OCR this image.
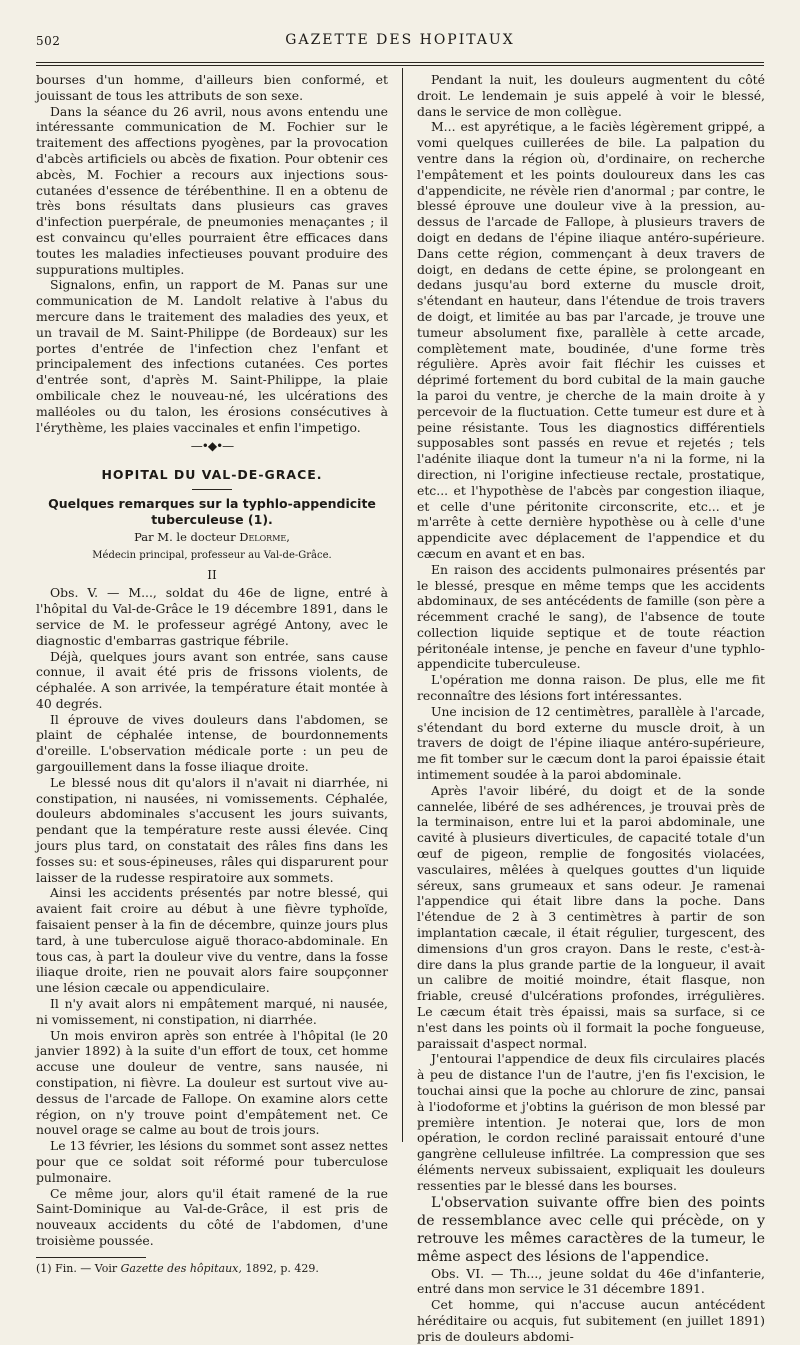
502	GAZETTE DES HOPITAUX

bourses d'un homme, d'ailleurs bien conformé, et jouissant de tous les attributs de son sexe.

Dans la séance du 26 avril, nous avons entendu une intéressante communication de M. Fochier sur le traitement des affections pyogènes, par la provocation d'abcès artificiels ou abcès de fixation. Pour obtenir ces abcès, M. Fochier a recours aux injections sous-cutanées d'essence de térébenthine. Il en a obtenu de très bons résultats dans plusieurs cas graves d'infection puerpérale, de pneumonies menaçantes ; il est convaincu qu'elles pourraient être efficaces dans toutes les maladies infectieuses pouvant produire des suppurations multiples.

Signalons, enfin, un rapport de M. Panas sur une communication de M. Landolt relative à l'abus du mercure dans le traitement des maladies des yeux, et un travail de M. Saint-Philippe (de Bordeaux) sur les portes d'entrée de l'infection chez l'enfant et principalement des infections cutanées. Ces portes d'entrée sont, d'après M. Saint-Philippe, la plaie ombilicale chez le nouveau-né, les ulcérations des malléoles ou du talon, les érosions consécutives à l'érythème, les plaies vaccinales et enfin l'impetigo.

—•◆•—
HOPITAL DU VAL-DE-GRACE.
Quelques remarques sur la typhlo-appendicite
tuberculeuse (1).
Par M. le docteur Delorme,
Médecin principal, professeur au Val-de-Grâce.
II

Obs. V. — M..., soldat du 46e de ligne, entré à l'hôpital du Val-de-Grâce le 19 décembre 1891, dans le service de M. le professeur agrégé Antony, avec le diagnostic d'embarras gastrique fébrile.

Déjà, quelques jours avant son entrée, sans cause connue, il avait été pris de frissons violents, de céphalée. A son arrivée, la température était montée à 40 degrés.

Il éprouve de vives douleurs dans l'abdomen, se plaint de céphalée intense, de bourdonnements d'oreille. L'observation médicale porte : un peu de gargouillement dans la fosse iliaque droite.

Le blessé nous dit qu'alors il n'avait ni diarrhée, ni constipation, ni nausées, ni vomissements. Céphalée, douleurs abdominales s'accusent les jours suivants, pendant que la température reste aussi élevée. Cinq jours plus tard, on constatait des râles fins dans les fosses su: et sous-épineuses, râles qui disparurent pour laisser de la rudesse respiratoire aux sommets.

Ainsi les accidents présentés par notre blessé, qui avaient fait croire au début à une fièvre typhoïde, faisaient penser à la fin de décembre, quinze jours plus tard, à une tuberculose aiguë thoraco-abdominale. En tous cas, à part la douleur vive du ventre, dans la fosse iliaque droite, rien ne pouvait alors faire soupçonner une lésion cæcale ou appendiculaire.

Il n'y avait alors ni empâtement marqué, ni nausée, ni vomissement, ni constipation, ni diarrhée.

Un mois environ après son entrée à l'hôpital (le 20 janvier 1892) à la suite d'un effort de toux, cet homme accuse une douleur de ventre, sans nausée, ni constipation, ni fièvre. La douleur est surtout vive au-dessus de l'arcade de Fallope. On examine alors cette région, on n'y trouve point d'empâtement net. Ce nouvel orage se calme au bout de trois jours.

Le 13 février, les lésions du sommet sont assez nettes pour que ce soldat soit réformé pour tuberculose pulmonaire.

Ce même jour, alors qu'il était ramené de la rue Saint-Dominique au Val-de-Grâce, il est pris de nouveaux accidents du côté de l'abdomen, d'une troisième poussée.

(1) Fin. — Voir Gazette des hôpitaux, 1892, p. 429.

Pendant la nuit, les douleurs augmentent du côté droit. Le lendemain je suis appelé à voir le blessé, dans le service de mon collègue.

M... est apyrétique, a le faciès légèrement grippé, a vomi quelques cuillerées de bile. La palpation du ventre dans la région où, d'ordinaire, on recherche l'empâtement et les points douloureux dans les cas d'appendicite, ne révèle rien d'anormal ; par contre, le blessé éprouve une douleur vive à la pression, au-dessus de l'arcade de Fallope, à plusieurs travers de doigt en dedans de l'épine iliaque antéro-supérieure. Dans cette région, commençant à deux travers de doigt, en dedans de cette épine, se prolongeant en dedans jusqu'au bord externe du muscle droit, s'étendant en hauteur, dans l'étendue de trois travers de doigt, et limitée au bas par l'arcade, je trouve une tumeur absolument fixe, parallèle à cette arcade, complètement mate, boudinée, d'une forme très régulière. Après avoir fait fléchir les cuisses et déprimé fortement du bord cubital de la main gauche la paroi du ventre, je cherche de la main droite à y percevoir de la fluctuation. Cette tumeur est dure et à peine résistante. Tous les diagnostics différentiels supposables sont passés en revue et rejetés ; tels l'adénite iliaque dont la tumeur n'a ni la forme, ni la direction, ni l'origine infectieuse rectale, prostatique, etc... et l'hypothèse de l'abcès par congestion iliaque, et celle d'une péritonite circonscrite, etc... et je m'arrête à cette dernière hypothèse ou à celle d'une appendicite avec déplacement de l'appendice et du cæcum en avant et en bas.

En raison des accidents pulmonaires présentés par le blessé, presque en même temps que les accidents abdominaux, de ses antécédents de famille (son père a récemment craché le sang), de l'absence de toute collection liquide septique et de toute réaction péritonéale intense, je penche en faveur d'une typhlo-appendicite tuberculeuse.

L'opération me donna raison. De plus, elle me fit reconnaître des lésions fort intéressantes.

Une incision de 12 centimètres, parallèle à l'arcade, s'étendant du bord externe du muscle droit, à un travers de doigt de l'épine iliaque antéro-supérieure, me fit tomber sur le cæcum dont la paroi épaissie était intimement soudée à la paroi abdominale.

Après l'avoir libéré, du doigt et de la sonde cannelée, libéré de ses adhérences, je trouvai près de la terminaison, entre lui et la paroi abdominale, une cavité à plusieurs diverticules, de capacité totale d'un œuf de pigeon, remplie de fongosités violacées, vasculaires, mêlées à quelques gouttes d'un liquide séreux, sans grumeaux et sans odeur. Je ramenai l'appendice qui était libre dans la poche. Dans l'étendue de 2 à 3 centimètres à partir de son implantation cæcale, il était régulier, turgescent, des dimensions d'un gros crayon. Dans le reste, c'est-à-dire dans la plus grande partie de la longueur, il avait un calibre de moitié moindre, était flasque, non friable, creusé d'ulcérations profondes, irrégulières. Le cæcum était très épaissi, mais sa surface, si ce n'est dans les points où il formait la poche fongueuse, paraissait d'aspect normal.

J'entourai l'appendice de deux fils circulaires placés à peu de distance l'un de l'autre, j'en fis l'excision, le touchai ainsi que la poche au chlorure de zinc, pansai à l'iodoforme et j'obtins la guérison de mon blessé par première intention. Je noterai que, lors de mon opération, le cordon recliné paraissait entouré d'une gangrène celluleuse infiltrée. La compression que ses éléments nerveux subissaient, expliquait les douleurs ressenties par le blessé dans les bourses.

L'observation suivante offre bien des points de ressemblance avec celle qui précède, on y retrouve les mêmes caractères de la tumeur, le même aspect des lésions de l'appendice.

Obs. VI. — Th..., jeune soldat du 46e d'infanterie, entré dans mon service le 31 décembre 1891.

Cet homme, qui n'accuse aucun antécédent héréditaire ou acquis, fut subitement (en juillet 1891) pris de douleurs abdomi-
